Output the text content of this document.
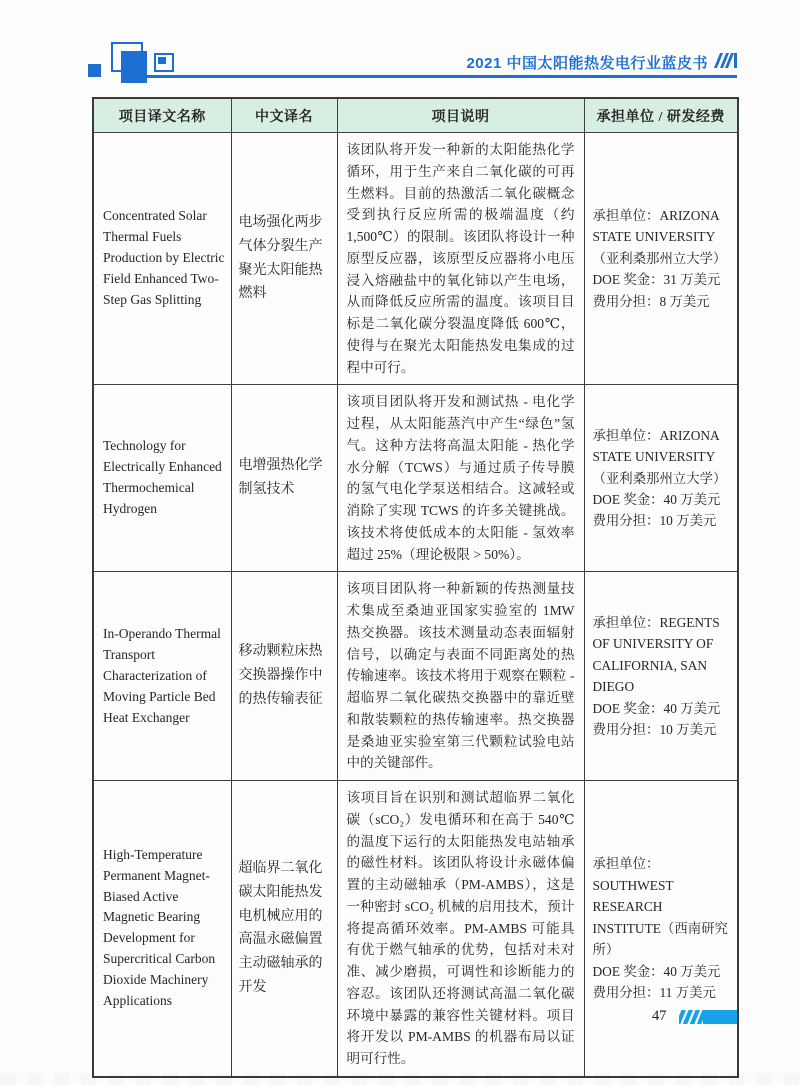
2021 中国太阳能热发电行业蓝皮书
项目译文名称	中文译名	项目说明	承担单位 / 研发经费
Concentrated Solar Thermal Fuels Production by Electric Field Enhanced Two-Step Gas Splitting	电场强化两步气体分裂生产聚光太阳能热燃料	该团队将开发一种新的太阳能热化学循环，用于生产来自二氧化碳的可再生燃料。目前的热激活二氧化碳概念受到执行反应所需的极端温度（约 1,500℃）的限制。该团队将设计一种原型反应器，该原型反应器将小电压浸入熔融盐中的氧化铈以产生电场，从而降低反应所需的温度。该项目目标是二氧化碳分裂温度降低 600℃，使得与在聚光太阳能热发电集成的过程中可行。	承担单位：ARIZONA STATE UNIVERSITY（亚利桑那州立大学）
DOE 奖金：31 万美元
费用分担：8 万美元

Technology for Electrically Enhanced Thermochemical Hydrogen	电增强热化学制氢技术	该项目团队将开发和测试热 - 电化学过程，从太阳能蒸汽中产生“绿色”氢气。这种方法将高温太阳能 - 热化学水分解（TCWS）与通过质子传导膜的氢气电化学泵送相结合。这减轻或消除了实现 TCWS 的许多关键挑战。该技术将使低成本的太阳能 - 氢效率超过 25%（理论极限 > 50%）。	承担单位：ARIZONA STATE UNIVERSITY（亚利桑那州立大学）
DOE 奖金：40 万美元
费用分担：10 万美元

In-Operando Thermal Transport Characterization of Moving Particle Bed Heat Exchanger	移动颗粒床热交换器操作中的热传输表征	该项目团队将一种新颖的传热测量技术集成至桑迪亚国家实验室的 1MW 热交换器。该技术测量动态表面辐射信号，以确定与表面不同距离处的热传输速率。该技术将用于观察在颗粒 - 超临界二氧化碳热交换器中的靠近壁和散装颗粒的热传输速率。热交换器是桑迪亚实验室第三代颗粒试验电站中的关键部件。	承担单位：REGENTS OF UNIVERSITY OF CALIFORNIA, SAN DIEGO
DOE 奖金：40 万美元
费用分担：10 万美元

High-Temperature Permanent Magnet-Biased Active Magnetic Bearing Development for Supercritical Carbon Dioxide Machinery Applications	超临界二氧化碳太阳能热发电机械应用的高温永磁偏置主动磁轴承的开发	该项目旨在识别和测试超临界二氧化碳（sCO₂）发电循环和在高于 540℃的温度下运行的太阳能热发电站轴承的磁性材料。该团队将设计永磁体偏置的主动磁轴承（PM-AMBS），这是一种密封 sCO₂ 机械的启用技术，预计将提高循环效率。PM-AMBS 可能具有优于燃气轴承的优势，包括对未对准、减少磨损，可调性和诊断能力的容忍。该团队还将测试高温二氧化碳环境中暴露的兼容性关键材料。项目将开发以 PM-AMBS 的机器布局以证明可行性。	
承担单位：SOUTHWEST RESEARCH INSTITUTE（西南研究所）
DOE 奖金：40 万美元
费用分担：11 万美元
47
